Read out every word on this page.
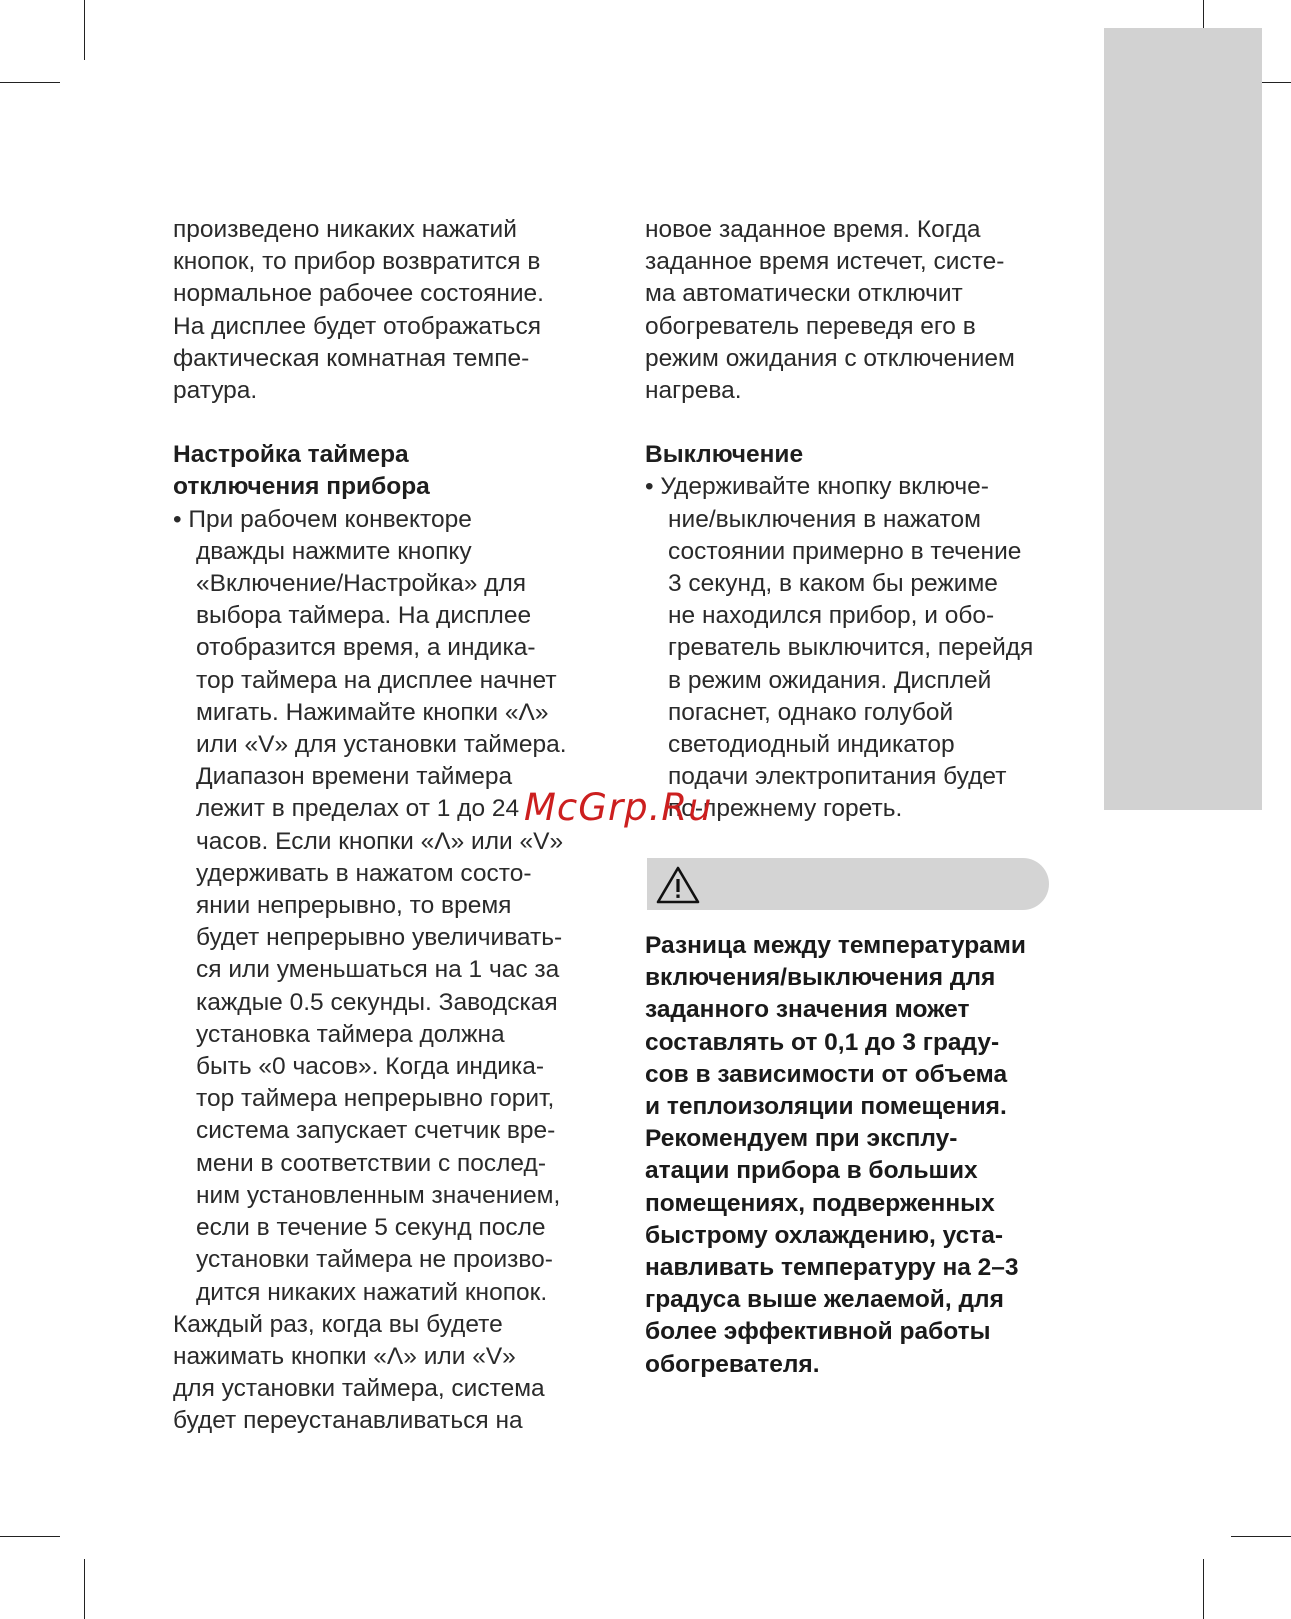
произведено никаких нажатий

кнопок, то прибор возвратится в

нормальное рабочее состояние.

На дисплее будет отображаться

фактическая комнатная темпе-

ратура.

Настройка таймера

отключения прибора

• При рабочем конвекторе

дважды нажмите кнопку

«Включение/Настройка» для

выбора таймера. На дисплее

отобразится время, а индика-

тор таймера на дисплее начнет

мигать. Нажимайте кнопки «Λ»

или «V» для установки таймера.

Диапазон времени таймера

лежит в пределах от 1 до 24

часов. Если кнопки «Λ» или «V»

удерживать в нажатом состо-

янии непрерывно, то время

будет непрерывно увеличивать-

ся или уменьшаться на 1 час за

каждые 0.5 секунды. Заводская

установка таймера должна

быть «0 часов». Когда индика-

тор таймера непрерывно горит,

система запускает счетчик вре-

мени в соответствии с послед-

ним установленным значением,

если в течение 5 секунд после

установки таймера не произво-

дится никаких нажатий кнопок.

Каждый раз, когда вы будете

нажимать кнопки «Λ» или «V»

для установки таймера, система

будет переустанавливаться на

новое заданное время. Когда

заданное время истечет, систе-

ма автоматически отключит

обогреватель переведя его в

режим ожидания с отключением

нагрева.

Выключение

• Удерживайте кнопку включе-

ние/выключения в нажатом

состоянии примерно в течение

3 секунд, в каком бы режиме

не находился прибор, и обо-

греватель выключится, перейдя

в режим ожидания. Дисплей

погаснет, однако голубой

светодиодный индикатор

подачи электропитания будет

по-прежнему гореть.

Разница между температурами

включения/выключения для

заданного значения может

составлять от 0,1 до 3 граду-

сов в зависимости от объема

и теплоизоляции помещения.

Рекомендуем при эксплу-

атации прибора в больших

помещениях, подверженных

быстрому охлаждению, уста-

навливать температуру на 2–3

градуса выше желаемой, для

более эффективной работы

обогревателя.

McGrp.Ru
